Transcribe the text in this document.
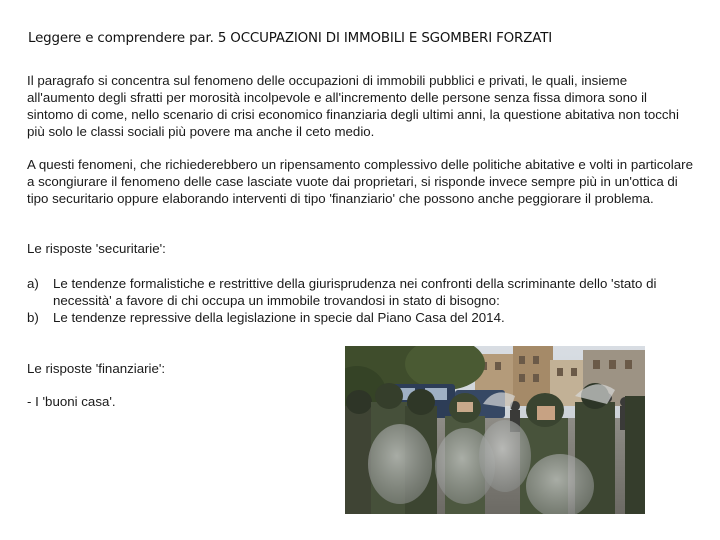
Leggere e comprendere par. 5 OCCUPAZIONI DI IMMOBILI E SGOMBERI FORZATI
Il paragrafo si concentra sul fenomeno delle occupazioni di immobili pubblici e privati, le quali, insieme all'aumento degli sfratti per morosità incolpevole e all'incremento delle persone senza fissa dimora sono il sintomo di come, nello scenario di crisi economico finanziaria degli ultimi anni, la questione abitativa non tocchi più solo le classi sociali più povere ma anche il ceto medio.
A questi fenomeni, che richiederebbero un ripensamento complessivo delle politiche abitative e volti in particolare a scongiurare il fenomeno delle case lasciate vuote dai proprietari, si risponde invece sempre più in un'ottica di tipo securitario oppure elaborando interventi di tipo 'finanziario' che possono anche peggiorare il problema.
Le risposte 'securitarie':
a)	Le tendenze formalistiche e restrittive della giurisprudenza nei confronti della scriminante dello 'stato di necessità' a favore di chi occupa un immobile trovandosi in stato di bisogno:
b)	Le tendenze repressive della legislazione in specie dal Piano Casa del 2014.
Le risposte 'finanziarie':
- I 'buoni casa'.
